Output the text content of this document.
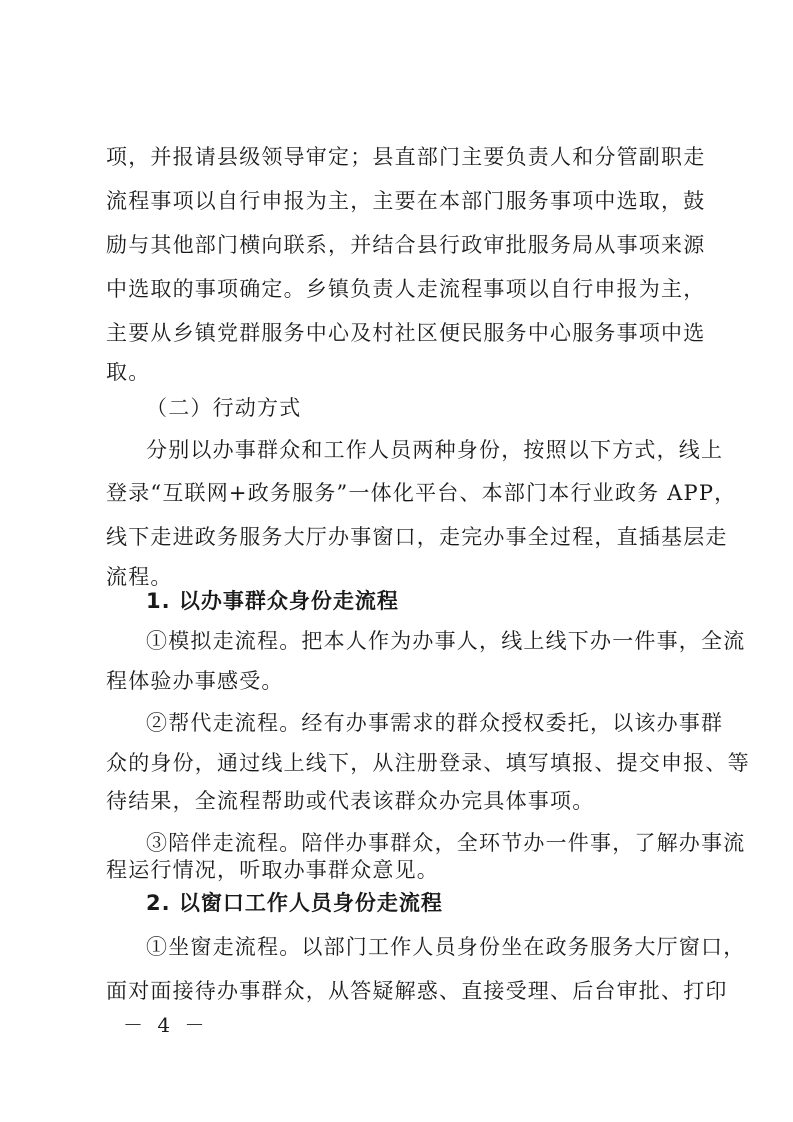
项，并报请县级领导审定；县直部门主要负责人和分管副职走
流程事项以自行申报为主，主要在本部门服务事项中选取，鼓
励与其他部门横向联系，并结合县行政审批服务局从事项来源
中选取的事项确定。乡镇负责人走流程事项以自行申报为主，
主要从乡镇党群服务中心及村社区便民服务中心服务事项中选
取。
（二）行动方式
分别以办事群众和工作人员两种身份，按照以下方式，线上
登录“互联网+政务服务”一体化平台、本部门本行业政务 APP，
线下走进政务服务大厅办事窗口，走完办事全过程，直插基层走
流程。
1. 以办事群众身份走流程
①模拟走流程。把本人作为办事人，线上线下办一件事，全流
程体验办事感受。
②帮代走流程。经有办事需求的群众授权委托，以该办事群
众的身份，通过线上线下，从注册登录、填写填报、提交申报、等
待结果，全流程帮助或代表该群众办完具体事项。
③陪伴走流程。陪伴办事群众，全环节办一件事，了解办事流
程运行情况，听取办事群众意见。
2. 以窗口工作人员身份走流程
①坐窗走流程。以部门工作人员身份坐在政务服务大厅窗口，
面对面接待办事群众，从答疑解惑、直接受理、后台审批、打印
－ 4 －
